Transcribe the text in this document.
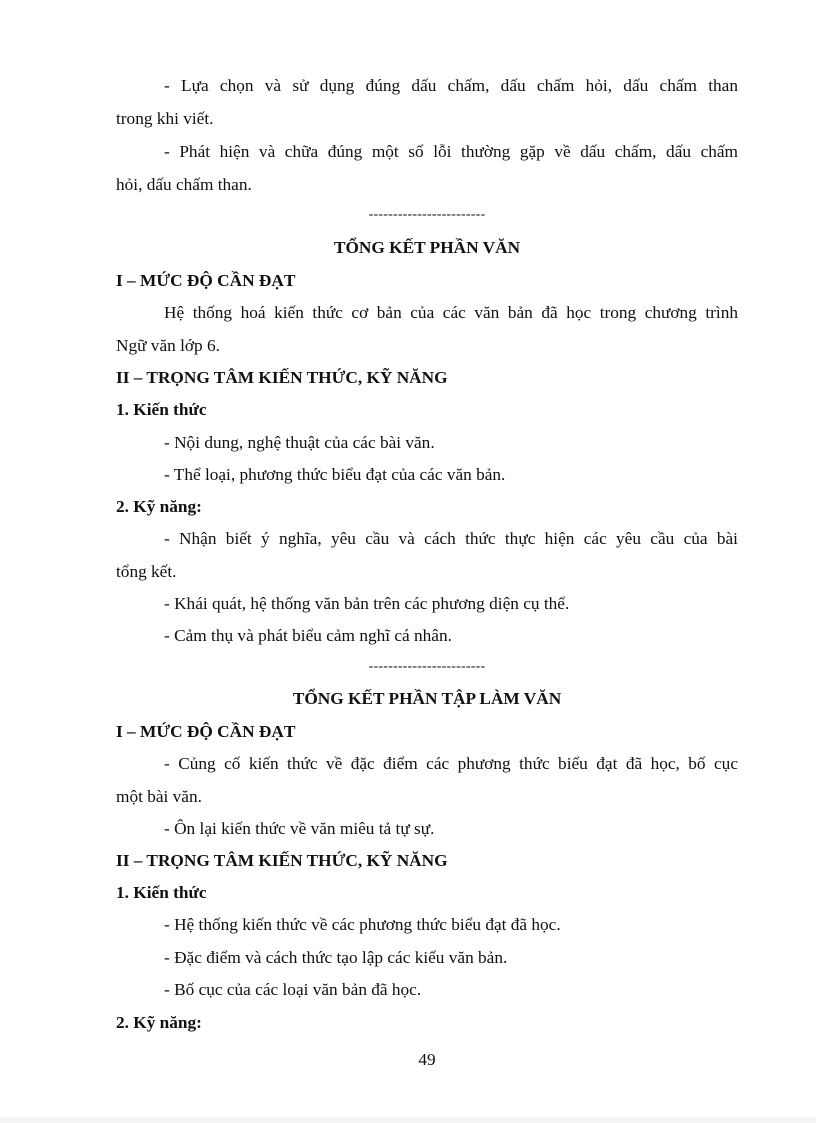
- Lựa chọn và sử dụng đúng dấu chấm, dấu chấm hỏi, dấu chấm than
trong khi viết.
- Phát hiện và chữa đúng một số lỗi thường gặp về dấu chấm, dấu chấm
hỏi, dấu chấm than.
------------------------
TỔNG KẾT PHẦN VĂN
I – MỨC ĐỘ CẦN ĐẠT
Hệ thống hoá kiến thức cơ bản của các văn bản đã học trong chương trình
Ngữ văn lớp 6.
II – TRỌNG TÂM KIẾN THỨC, KỸ NĂNG
1. Kiến thức
- Nội dung, nghệ thuật của các bài văn.
- Thể loại, phương thức biểu đạt của các văn bản.
2. Kỹ năng:
- Nhận biết ý nghĩa, yêu cầu và cách thức thực hiện các yêu cầu của bài
tổng kết.
- Khái quát, hệ thống văn bản trên các phương diện cụ thể.
- Cảm thụ và phát biểu cảm nghĩ cá nhân.
------------------------
TỔNG KẾT PHẦN TẬP LÀM VĂN
I – MỨC ĐỘ CẦN ĐẠT
- Củng cố kiến thức về đặc điểm các phương thức biểu đạt đã học, bố cục
một bài văn.
- Ôn lại kiến thức về văn miêu tả tự sự.
II – TRỌNG TÂM KIẾN THỨC, KỸ NĂNG
1. Kiến thức
- Hệ thống kiến thức về các phương thức biểu đạt đã học.
- Đặc điểm và cách thức tạo lập các kiểu văn bản.
- Bố cục của các loại văn bản đã học.
2. Kỹ năng:
49
